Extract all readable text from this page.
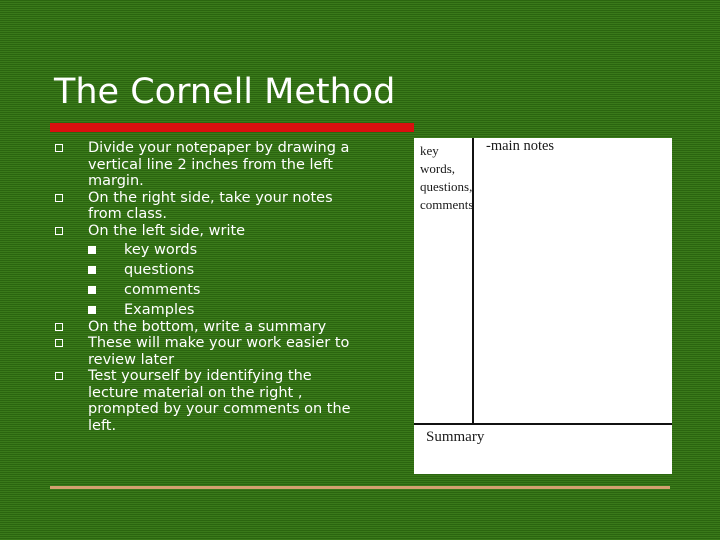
The Cornell Method
Divide your notepaper by drawing a vertical line 2 inches from the left margin.
On the right side, take your notes from class.
On the left side, write
key words
questions
comments
Examples
On the bottom, write a summary
These will make your work easier to review later
Test yourself by identifying the lecture material on the right , prompted by your comments on the left.
key
words,
questions,
comments
-main notes
Summary
